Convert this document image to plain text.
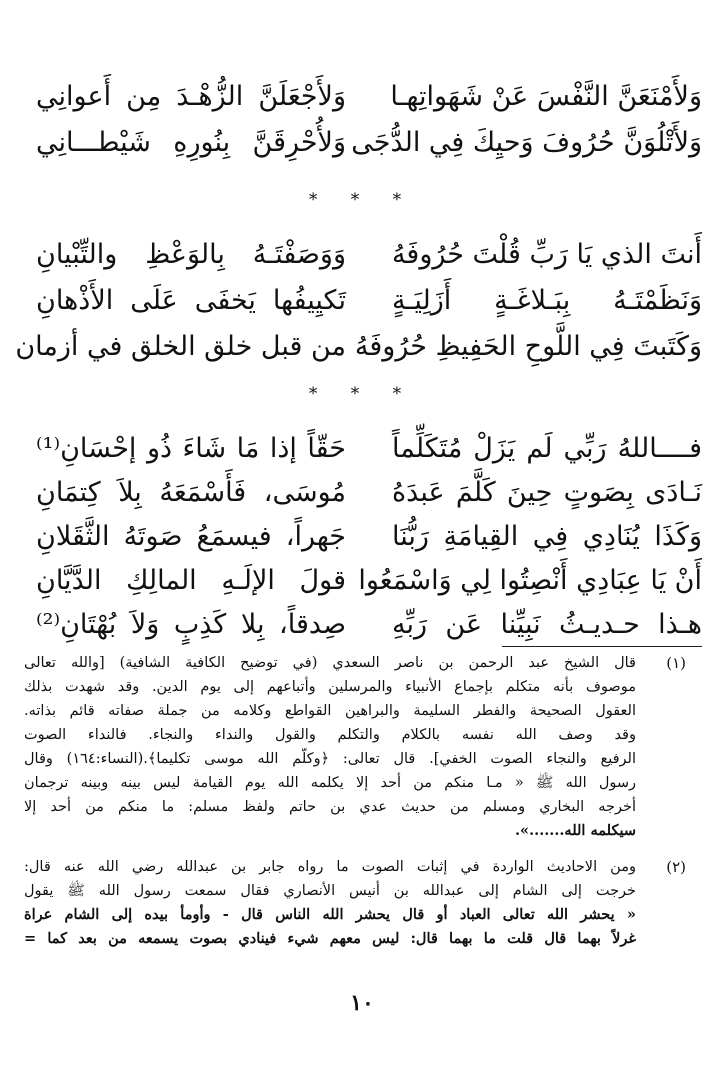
وَلأَمْنَعَنَّ النَّفْسَ عَنْ شَهَواتِهـا
وَلأَجْعَلَنَّ الزُّهْـدَ مِن أَعوانِي
وَلأَتْلُوَنَّ حُرُوفَ وَحيِكَ فِي الدُّجَى
وَلأُحْرِقَنَّ بِنُورِهِ شَيْطـــانِي
* * *
أَنتَ الذي يَا رَبِّ قُلْتَ حُرُوفَهُ
وَوَصَفْتَـهُ بِالوَعْظِ والتِّبْيانِ
وَنَظَمْتَـهُ بِبَـلاغَـةٍ أَزَلِيَـةٍ
تَكيِيفُها يَخفَى عَلَى الأَذْهانِ
وَكَتَبتَ فِي اللَّوحِ الحَفِيظِ حُرُوفَهُ
من قبل خلق الخلق في أزمان
* * *
فــــاللهُ رَبِّي لَم يَزَلْ مُتَكَلِّماً
حَقّاً إذا مَا شَاءَ ذُو إحْسَانِ⁽¹⁾
نَـادَى بِصَوتٍ حِينَ كَلَّمَ عَبدَهُ
مُوسَى، فَأَسْمَعَهُ بِلاَ كِتمَانِ
وَكَذَا يُنَادِي فِي القِيامَةِ رَبُّنَا
جَهراً، فيسمَعُ صَوتَهُ الثَّقَلانِ
أَنْ يَا عِبَادِي أَنْصِتُوا لِي وَاسْمَعُوا
قولَ الإلَـهِ المالِكِ الدَّيَّانِ
هـذا حـديـثُ نَبِيِّنا عَن رَبِّهِ
صِدقاً، بِلا كَذِبٍ وَلاَ بُهْتَانِ⁽²⁾
(١)
قال الشيخ عبد الرحمن بن ناصر السعدي (في توضيح الكافية الشافية) [والله تعالى
موصوف بأنه متكلم بإجماع الأنبياء والمرسلين وأتباعهم إلى يوم الدين. وقد شهدت بذلك
العقول الصحيحة والفطر السليمة والبراهين القواطع وكلامه من جملة صفاته قائم بذاته.
وقد وصف الله نفسه بالكلام والتكلم والقول والنداء والنجاء. فالنداء الصوت
الرفيع والنجاء الصوت الخفي]. قال تعالى: ﴿وكلّم الله موسى تكليما﴾.(النساء:١٦٤) وقال
رسول الله ﷺ « مـا منكم من أحد إلا يكلمه الله يوم القيامة ليس بينه وبينه ترجمان
أخرجه البخاري ومسلم من حديث عدي بن حاتم ولفظ مسلم: ما منكم من أحد إلا
سيكلمه الله.......».
(٢)
ومن الاحاديث الواردة في إثبات الصوت ما رواه جابر بن عبدالله رضي الله عنه قال:
خرجت إلى الشام إلى عبدالله بن أنيس الأنصاري فقال سمعت رسول الله ﷺ يقول
« يحشر الله تعالى العباد أو قال يحشر الله الناس قال - وأومأ بيده إلى الشام عراة
غرلاً بهما قال قلت ما بهما قال: ليس معهم شيء فينادي بصوت يسمعه من بعد كما =
١٠
